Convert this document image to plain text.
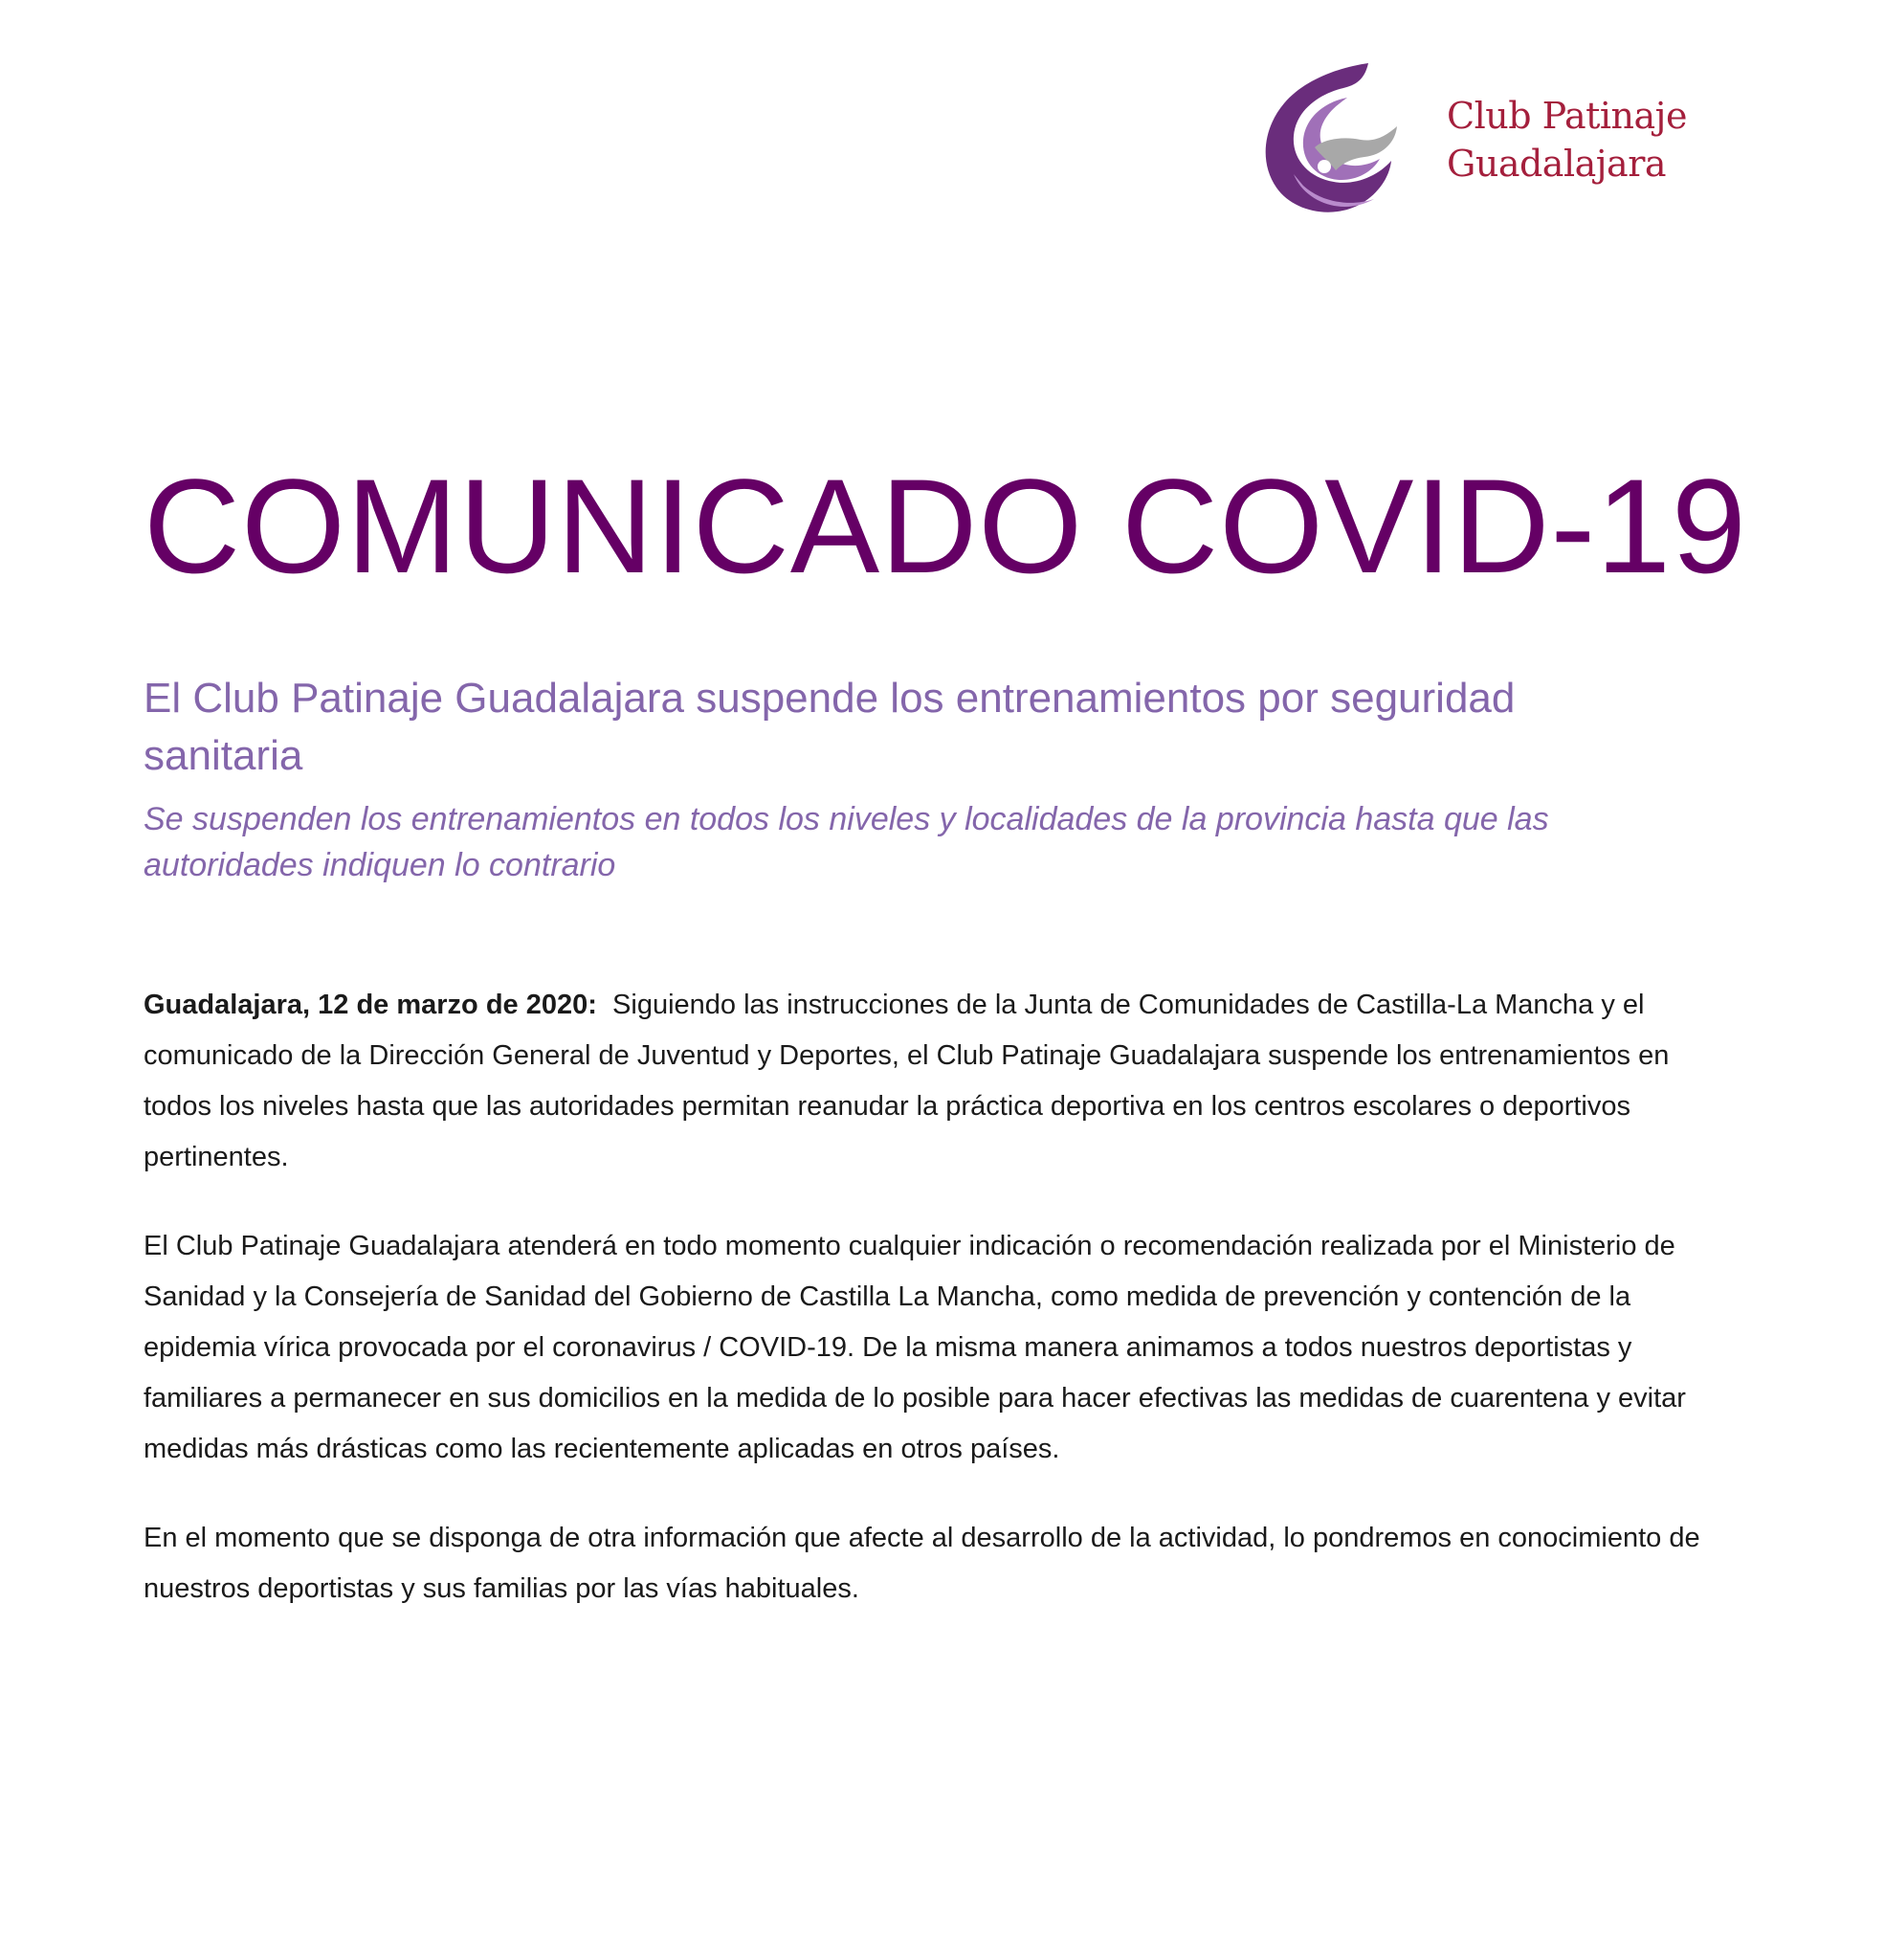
Club Patinaje
Guadalajara
COMUNICADO COVID-19
El Club Patinaje Guadalajara suspende los entrenamientos por seguridad sanitaria

Se suspenden los entrenamientos en todos los niveles y localidades de la provincia hasta que las autoridades indiquen lo contrario

Guadalajara, 12 de marzo de 2020: Siguiendo las instrucciones de la Junta de Comunidades de Castilla-La Mancha y el comunicado de la Dirección General de Juventud y Deportes, el Club Patinaje Guadalajara suspende los entrenamientos en todos los niveles hasta que las autoridades permitan reanudar la práctica deportiva en los centros escolares o deportivos pertinentes.

El Club Patinaje Guadalajara atenderá en todo momento cualquier indicación o recomendación realizada por el Ministerio de Sanidad y la Consejería de Sanidad del Gobierno de Castilla La Mancha, como medida de prevención y contención de la epidemia vírica provocada por el coronavirus / COVID-19. De la misma manera animamos a todos nuestros deportistas y familiares a permanecer en sus domicilios en la medida de lo posible para hacer efectivas las medidas de cuarentena y evitar medidas más drásticas como las recientemente aplicadas en otros países.

En el momento que se disponga de otra información que afecte al desarrollo de la actividad, lo pondremos en conocimiento de nuestros deportistas y sus familias por las vías habituales.
